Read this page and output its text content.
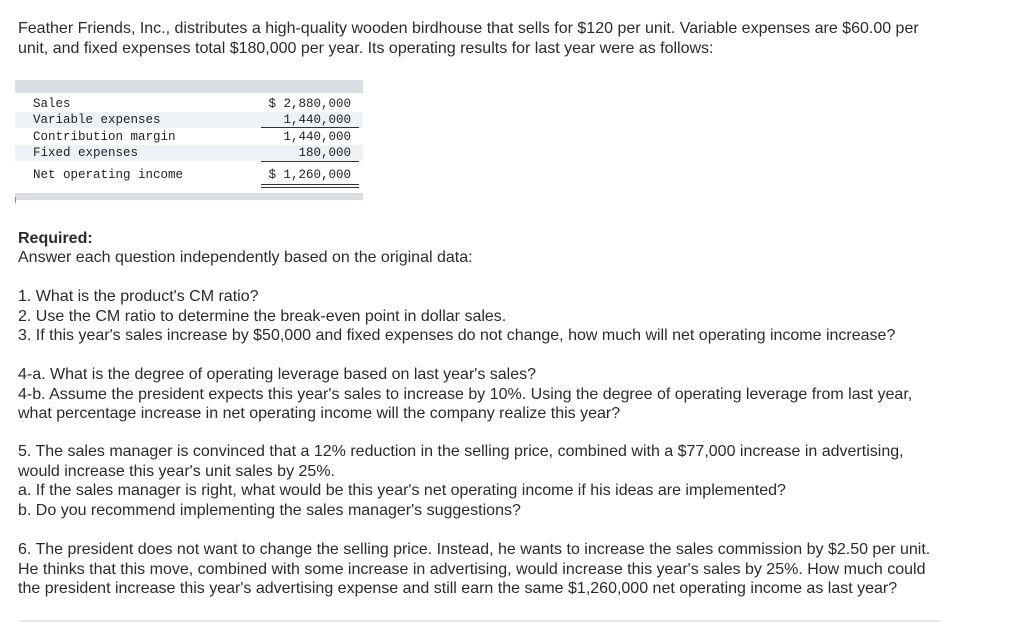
Feather Friends, Inc., distributes a high-quality wooden birdhouse that sells for $120 per unit. Variable expenses are $60.00 per
unit, and fixed expenses total $180,000 per year. Its operating results for last year were as follows:

Sales	$ 2,880,000
Variable expenses	1,440,000
Contribution margin	1,440,000
Fixed expenses	180,000
Net operating income	$ 1,260,000

Required:

Answer each question independently based on the original data:

1. What is the product's CM ratio?
2. Use the CM ratio to determine the break-even point in dollar sales.
3. If this year's sales increase by $50,000 and fixed expenses do not change, how much will net operating income increase?

4-a. What is the degree of operating leverage based on last year's sales?
4-b. Assume the president expects this year's sales to increase by 10%. Using the degree of operating leverage from last year,
what percentage increase in net operating income will the company realize this year?

5. The sales manager is convinced that a 12% reduction in the selling price, combined with a $77,000 increase in advertising,
would increase this year's unit sales by 25%.
a. If the sales manager is right, what would be this year's net operating income if his ideas are implemented?
b. Do you recommend implementing the sales manager's suggestions?

6. The president does not want to change the selling price. Instead, he wants to increase the sales commission by $2.50 per unit.
He thinks that this move, combined with some increase in advertising, would increase this year's sales by 25%. How much could
the president increase this year's advertising expense and still earn the same $1,260,000 net operating income as last year?
